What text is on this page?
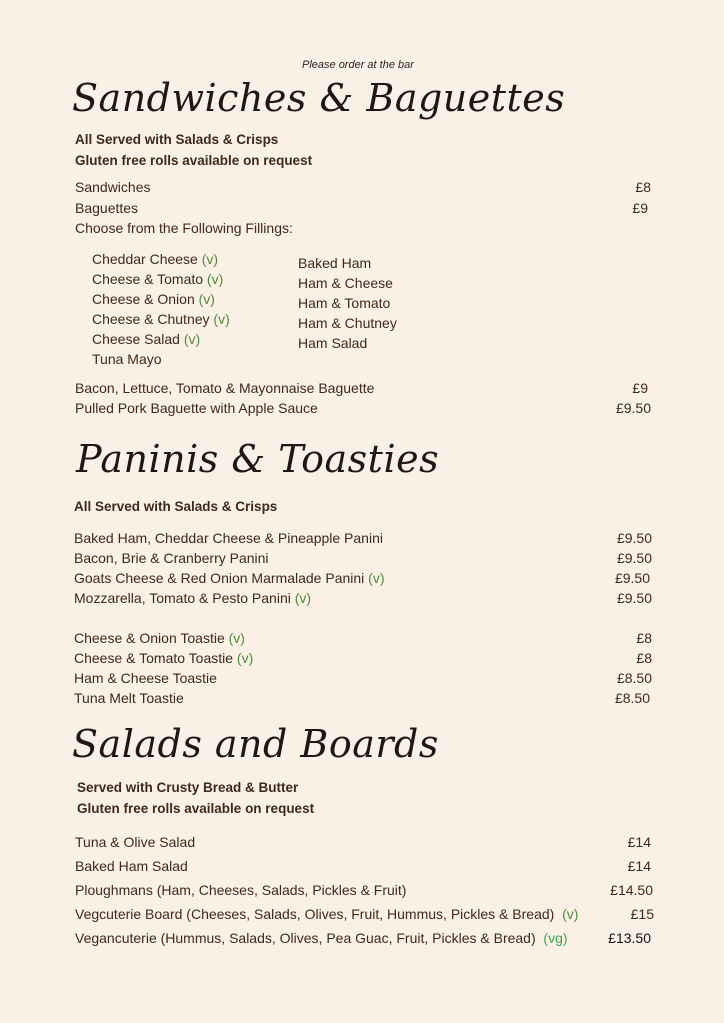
Please order at the bar
Sandwiches & Baguettes
All Served with Salads & Crisps
Gluten free rolls available on request
Sandwiches	£8
Baguettes	£9
Choose from the Following Fillings:
Cheddar Cheese (v)
Cheese & Tomato (v)
Cheese & Onion (v)
Cheese & Chutney (v)
Cheese Salad (v)
Tuna Mayo
Baked Ham
Ham & Cheese
Ham & Tomato
Ham & Chutney
Ham Salad
Bacon, Lettuce, Tomato & Mayonnaise Baguette	£9
Pulled Pork Baguette with Apple Sauce	£9.50
Paninis & Toasties
All Served with Salads & Crisps
Baked Ham, Cheddar Cheese & Pineapple Panini	£9.50
Bacon, Brie & Cranberry Panini	£9.50
Goats Cheese & Red Onion Marmalade Panini (v)	£9.50
Mozzarella, Tomato & Pesto Panini (v)	£9.50
Cheese & Onion Toastie (v)	£8
Cheese & Tomato Toastie (v)	£8
Ham & Cheese Toastie	£8.50
Tuna Melt Toastie	£8.50
Salads and Boards
Served with Crusty Bread & Butter
Gluten free rolls available on request
Tuna & Olive Salad	£14
Baked Ham Salad	£14
Ploughmans (Ham, Cheeses, Salads, Pickles & Fruit)	£14.50
Vegcuterie Board (Cheeses, Salads, Olives, Fruit, Hummus, Pickles & Bread) (v)	£15
Vegancuterie (Hummus, Salads, Olives, Pea Guac, Fruit, Pickles & Bread) (vg)	£13.50
